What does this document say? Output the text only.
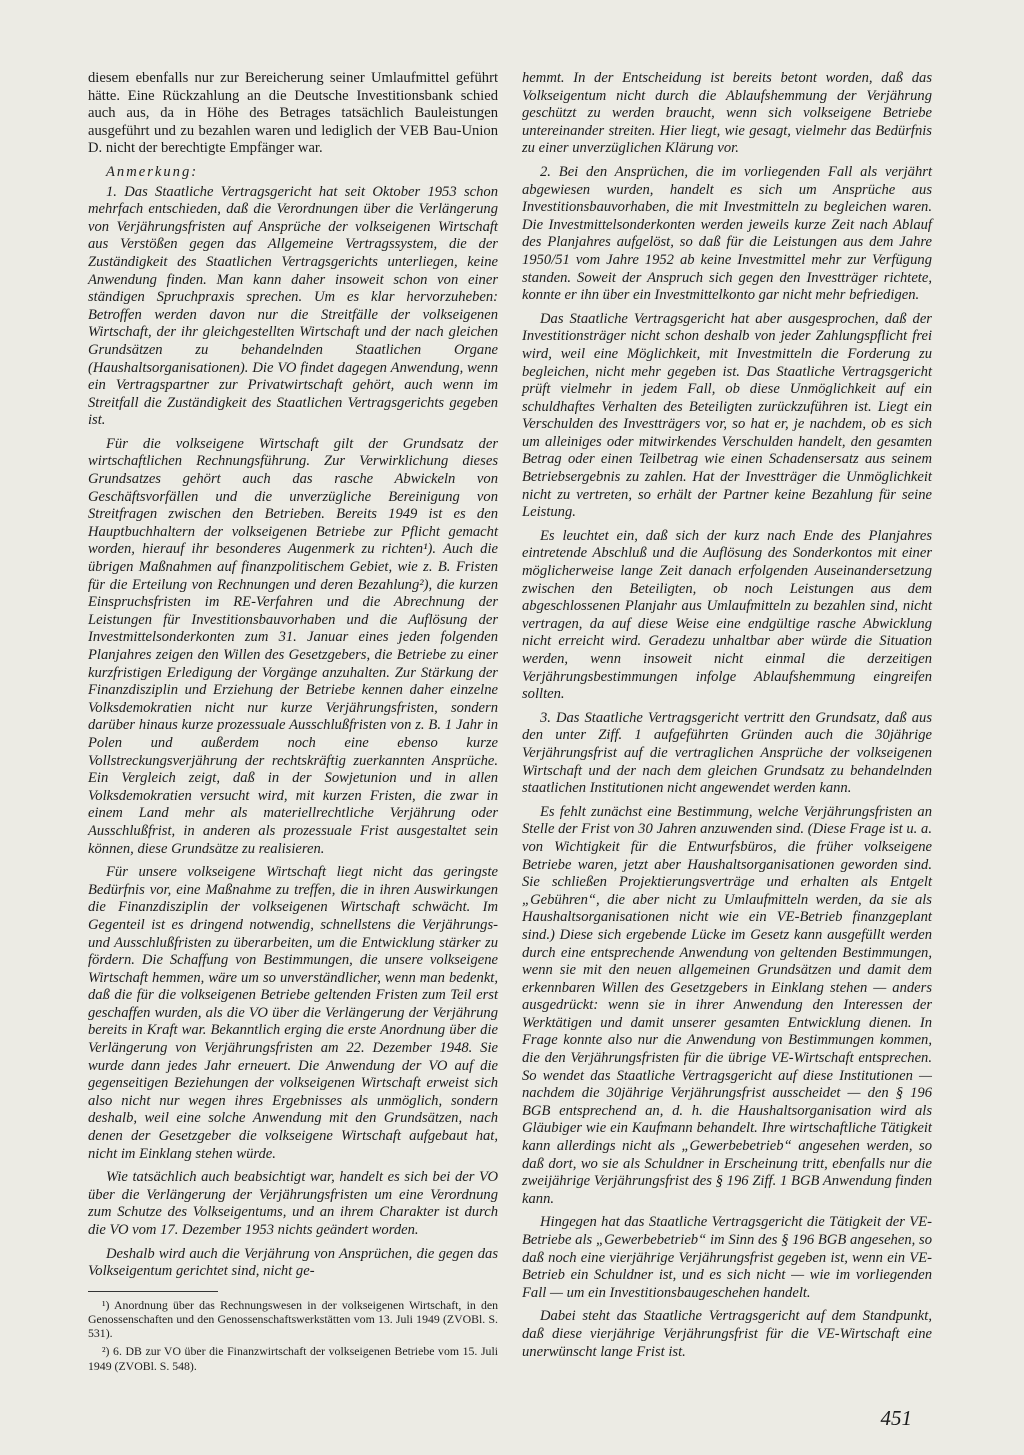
diesem ebenfalls nur zur Bereicherung seiner Umlaufmittel geführt hätte. Eine Rückzahlung an die Deutsche Investitionsbank schied auch aus, da in Höhe des Betrages tatsächlich Bauleistungen ausgeführt und zu bezahlen waren und lediglich der VEB Bau-Union D. nicht der berechtigte Empfänger war.

Anmerkung:

1. Das Staatliche Vertragsgericht hat seit Oktober 1953 schon mehrfach entschieden, daß die Verordnungen über die Verlängerung von Verjährungsfristen auf Ansprüche der volkseigenen Wirtschaft aus Verstößen gegen das Allgemeine Vertragssystem, die der Zuständigkeit des Staatlichen Vertragsgerichts unterliegen, keine Anwendung finden. Man kann daher insoweit schon von einer ständigen Spruchpraxis sprechen. Um es klar hervorzuheben: Betroffen werden davon nur die Streitfälle der volkseigenen Wirtschaft, der ihr gleichgestellten Wirtschaft und der nach gleichen Grundsätzen zu behandelnden Staatlichen Organe (Haushaltsorganisationen). Die VO findet dagegen Anwendung, wenn ein Vertragspartner zur Privatwirtschaft gehört, auch wenn im Streitfall die Zuständigkeit des Staatlichen Vertragsgerichts gegeben ist.

Für die volkseigene Wirtschaft gilt der Grundsatz der wirtschaftlichen Rechnungsführung. Zur Verwirklichung dieses Grundsatzes gehört auch das rasche Abwickeln von Geschäftsvorfällen und die unverzügliche Bereinigung von Streitfragen zwischen den Betrieben. Bereits 1949 ist es den Hauptbuchhaltern der volkseigenen Betriebe zur Pflicht gemacht worden, hierauf ihr besonderes Augenmerk zu richten¹). Auch die übrigen Maßnahmen auf finanzpolitischem Gebiet, wie z. B. Fristen für die Erteilung von Rechnungen und deren Bezahlung²), die kurzen Einspruchsfristen im RE-Verfahren und die Abrechnung der Leistungen für Investitionsbauvorhaben und die Auflösung der Investmittelsonderkonten zum 31. Januar eines jeden folgenden Planjahres zeigen den Willen des Gesetzgebers, die Betriebe zu einer kurzfristigen Erledigung der Vorgänge anzuhalten. Zur Stärkung der Finanzdisziplin und Erziehung der Betriebe kennen daher einzelne Volksdemokratien nicht nur kurze Verjährungsfristen, sondern darüber hinaus kurze prozessuale Ausschlußfristen von z. B. 1 Jahr in Polen und außerdem noch eine ebenso kurze Vollstreckungsverjährung der rechtskräftig zuerkannten Ansprüche. Ein Vergleich zeigt, daß in der Sowjetunion und in allen Volksdemokratien versucht wird, mit kurzen Fristen, die zwar in einem Land mehr als materiellrechtliche Verjährung oder Ausschlußfrist, in anderen als prozessuale Frist ausgestaltet sein können, diese Grundsätze zu realisieren.

Für unsere volkseigene Wirtschaft liegt nicht das geringste Bedürfnis vor, eine Maßnahme zu treffen, die in ihren Auswirkungen die Finanzdisziplin der volkseigenen Wirtschaft schwächt. Im Gegenteil ist es dringend notwendig, schnellstens die Verjährungs- und Ausschlußfristen zu überarbeiten, um die Entwicklung stärker zu fördern. Die Schaffung von Bestimmungen, die unsere volkseigene Wirtschaft hemmen, wäre um so unverständlicher, wenn man bedenkt, daß die für die volkseigenen Betriebe geltenden Fristen zum Teil erst geschaffen wurden, als die VO über die Verlängerung der Verjährung bereits in Kraft war. Bekanntlich erging die erste Anordnung über die Verlängerung von Verjährungsfristen am 22. Dezember 1948. Sie wurde dann jedes Jahr erneuert. Die Anwendung der VO auf die gegenseitigen Beziehungen der volkseigenen Wirtschaft erweist sich also nicht nur wegen ihres Ergebnisses als unmöglich, sondern deshalb, weil eine solche Anwendung mit den Grundsätzen, nach denen der Gesetzgeber die volkseigene Wirtschaft aufgebaut hat, nicht im Einklang stehen würde.

Wie tatsächlich auch beabsichtigt war, handelt es sich bei der VO über die Verlängerung der Verjährungsfristen um eine Verordnung zum Schutze des Volkseigentums, und an ihrem Charakter ist durch die VO vom 17. Dezember 1953 nichts geändert worden.

Deshalb wird auch die Verjährung von Ansprüchen, die gegen das Volkseigentum gerichtet sind, nicht ge-

¹) Anordnung über das Rechnungswesen in der volkseigenen Wirtschaft, in den Genossenschaften und den Genossenschaftswerkstätten vom 13. Juli 1949 (ZVOBl. S. 531).

²) 6. DB zur VO über die Finanzwirtschaft der volkseigenen Betriebe vom 15. Juli 1949 (ZVOBl. S. 548).

hemmt. In der Entscheidung ist bereits betont worden, daß das Volkseigentum nicht durch die Ablaufshemmung der Verjährung geschützt zu werden braucht, wenn sich volkseigene Betriebe untereinander streiten. Hier liegt, wie gesagt, vielmehr das Bedürfnis zu einer unverzüglichen Klärung vor.

2. Bei den Ansprüchen, die im vorliegenden Fall als verjährt abgewiesen wurden, handelt es sich um Ansprüche aus Investitionsbauvorhaben, die mit Investmitteln zu begleichen waren. Die Investmittelsonderkonten werden jeweils kurze Zeit nach Ablauf des Planjahres aufgelöst, so daß für die Leistungen aus dem Jahre 1950/51 vom Jahre 1952 ab keine Investmittel mehr zur Verfügung standen. Soweit der Anspruch sich gegen den Investträger richtete, konnte er ihn über ein Investmittelkonto gar nicht mehr befriedigen.

Das Staatliche Vertragsgericht hat aber ausgesprochen, daß der Investitionsträger nicht schon deshalb von jeder Zahlungspflicht frei wird, weil eine Möglichkeit, mit Investmitteln die Forderung zu begleichen, nicht mehr gegeben ist. Das Staatliche Vertragsgericht prüft vielmehr in jedem Fall, ob diese Unmöglichkeit auf ein schuldhaftes Verhalten des Beteiligten zurückzuführen ist. Liegt ein Verschulden des Investträgers vor, so hat er, je nachdem, ob es sich um alleiniges oder mitwirkendes Verschulden handelt, den gesamten Betrag oder einen Teilbetrag wie einen Schadensersatz aus seinem Betriebsergebnis zu zahlen. Hat der Investträger die Unmöglichkeit nicht zu vertreten, so erhält der Partner keine Bezahlung für seine Leistung.

Es leuchtet ein, daß sich der kurz nach Ende des Planjahres eintretende Abschluß und die Auflösung des Sonderkontos mit einer möglicherweise lange Zeit danach erfolgenden Auseinandersetzung zwischen den Beteiligten, ob noch Leistungen aus dem abgeschlossenen Planjahr aus Umlaufmitteln zu bezahlen sind, nicht vertragen, da auf diese Weise eine endgültige rasche Abwicklung nicht erreicht wird. Geradezu unhaltbar aber würde die Situation werden, wenn insoweit nicht einmal die derzeitigen Verjährungsbestimmungen infolge Ablaufshemmung eingreifen sollten.

3. Das Staatliche Vertragsgericht vertritt den Grundsatz, daß aus den unter Ziff. 1 aufgeführten Gründen auch die 30jährige Verjährungsfrist auf die vertraglichen Ansprüche der volkseigenen Wirtschaft und der nach dem gleichen Grundsatz zu behandelnden staatlichen Institutionen nicht angewendet werden kann.

Es fehlt zunächst eine Bestimmung, welche Verjährungsfristen an Stelle der Frist von 30 Jahren anzuwenden sind. (Diese Frage ist u. a. von Wichtigkeit für die Entwurfsbüros, die früher volkseigene Betriebe waren, jetzt aber Haushaltsorganisationen geworden sind. Sie schließen Projektierungsverträge und erhalten als Entgelt „Gebühren“, die aber nicht zu Umlaufmitteln werden, da sie als Haushaltsorganisationen nicht wie ein VE-Betrieb finanzgeplant sind.) Diese sich ergebende Lücke im Gesetz kann ausgefüllt werden durch eine entsprechende Anwendung von geltenden Bestimmungen, wenn sie mit den neuen allgemeinen Grundsätzen und damit dem erkennbaren Willen des Gesetzgebers in Einklang stehen — anders ausgedrückt: wenn sie in ihrer Anwendung den Interessen der Werktätigen und damit unserer gesamten Entwicklung dienen. In Frage konnte also nur die Anwendung von Bestimmungen kommen, die den Verjährungsfristen für die übrige VE-Wirtschaft entsprechen. So wendet das Staatliche Vertragsgericht auf diese Institutionen — nachdem die 30jährige Verjährungsfrist ausscheidet — den § 196 BGB entsprechend an, d. h. die Haushaltsorganisation wird als Gläubiger wie ein Kaufmann behandelt. Ihre wirtschaftliche Tätigkeit kann allerdings nicht als „Gewerbebetrieb“ angesehen werden, so daß dort, wo sie als Schuldner in Erscheinung tritt, ebenfalls nur die zweijährige Verjährungsfrist des § 196 Ziff. 1 BGB Anwendung finden kann.

Hingegen hat das Staatliche Vertragsgericht die Tätigkeit der VE-Betriebe als „Gewerbebetrieb“ im Sinn des § 196 BGB angesehen, so daß noch eine vierjährige Verjährungsfrist gegeben ist, wenn ein VE-Betrieb ein Schuldner ist, und es sich nicht — wie im vorliegenden Fall — um ein Investitionsbaugeschehen handelt.

Dabei steht das Staatliche Vertragsgericht auf dem Standpunkt, daß diese vierjährige Verjährungsfrist für die VE-Wirtschaft eine unerwünscht lange Frist ist.

451
